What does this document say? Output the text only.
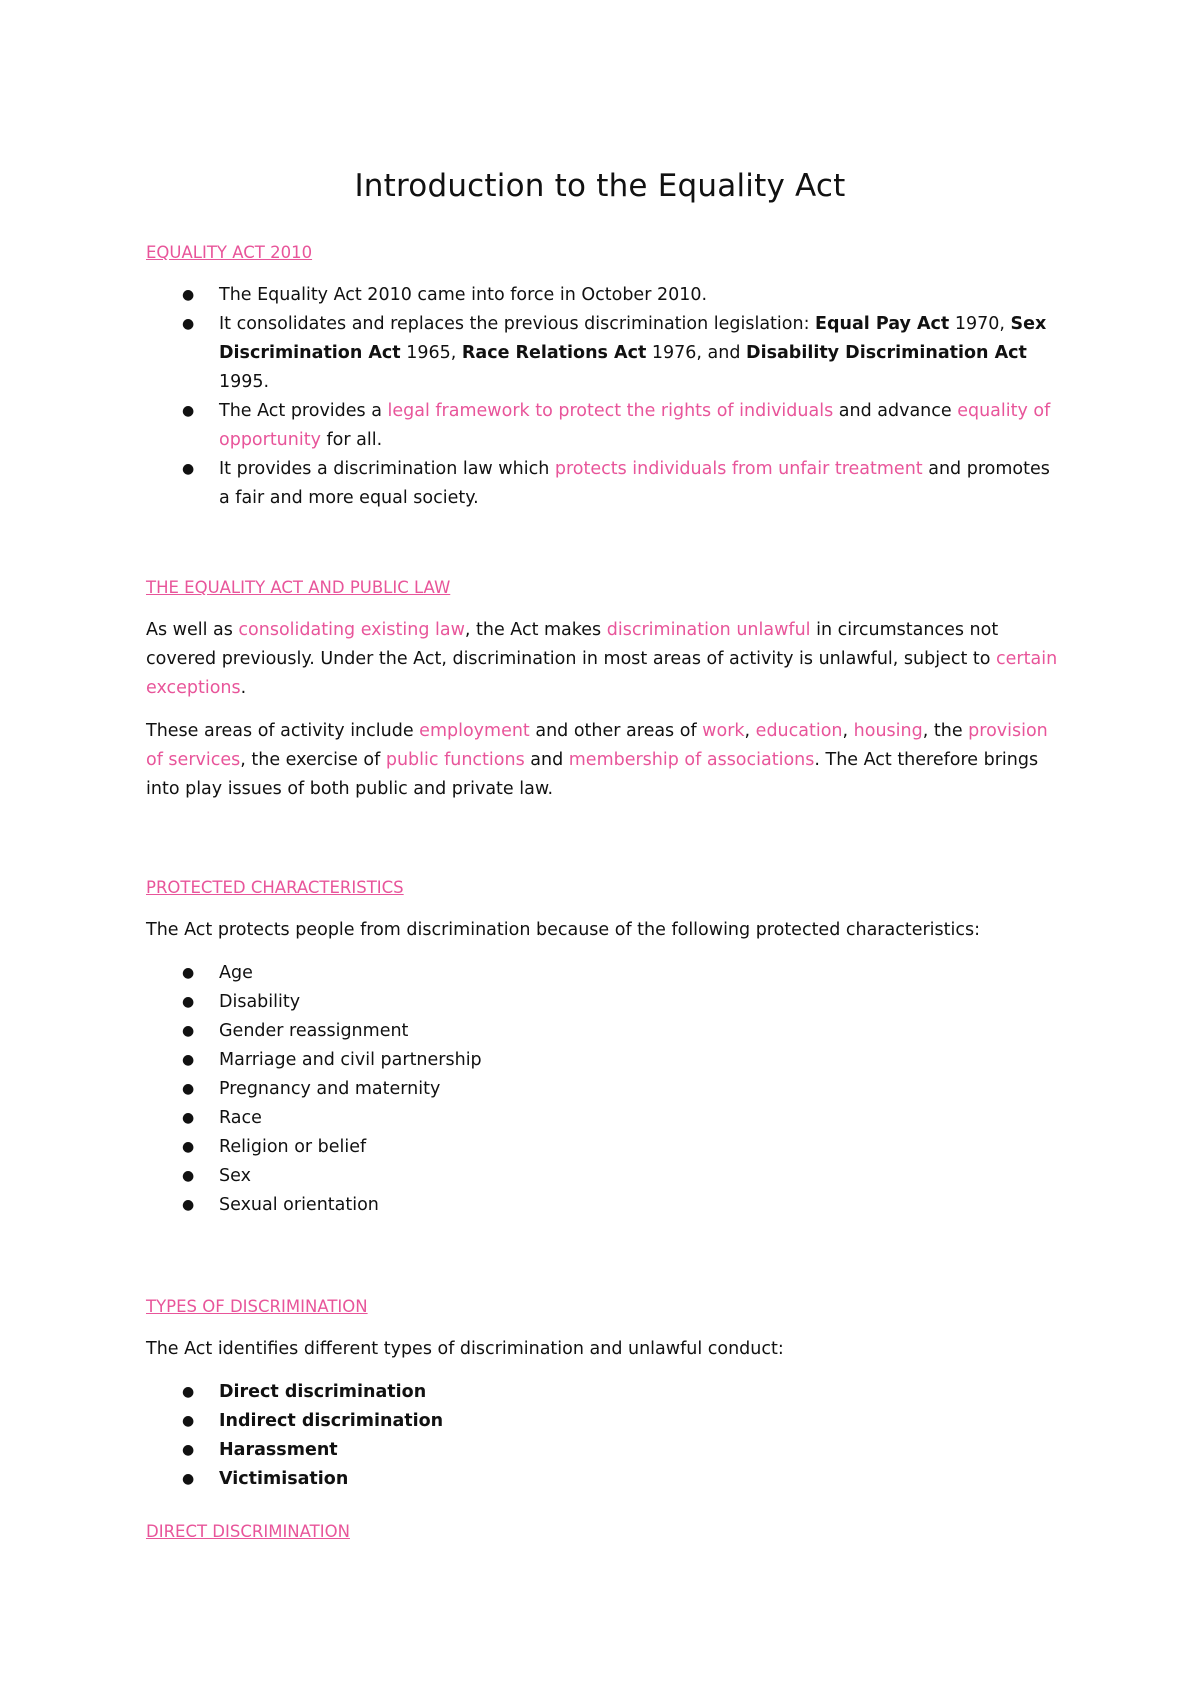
Introduction to the Equality Act

EQUALITY ACT 2010

● The Equality Act 2010 came into force in October 2010.
● It consolidates and replaces the previous discrimination legislation: Equal Pay Act 1970, Sex Discrimination Act 1965, Race Relations Act 1976, and Disability Discrimination Act 1995.
● The Act provides a legal framework to protect the rights of individuals and advance equality of opportunity for all.
● It provides a discrimination law which protects individuals from unfair treatment and promotes a fair and more equal society.

THE EQUALITY ACT AND PUBLIC LAW

As well as consolidating existing law, the Act makes discrimination unlawful in circumstances not covered previously. Under the Act, discrimination in most areas of activity is unlawful, subject to certain exceptions.

These areas of activity include employment and other areas of work, education, housing, the provision of services, the exercise of public functions and membership of associations. The Act therefore brings into play issues of both public and private law.

PROTECTED CHARACTERISTICS

The Act protects people from discrimination because of the following protected characteristics:

● Age
● Disability
● Gender reassignment
● Marriage and civil partnership
● Pregnancy and maternity
● Race
● Religion or belief
● Sex
● Sexual orientation

TYPES OF DISCRIMINATION

The Act identifies different types of discrimination and unlawful conduct:

● Direct discrimination
● Indirect discrimination
● Harassment
● Victimisation

DIRECT DISCRIMINATION
